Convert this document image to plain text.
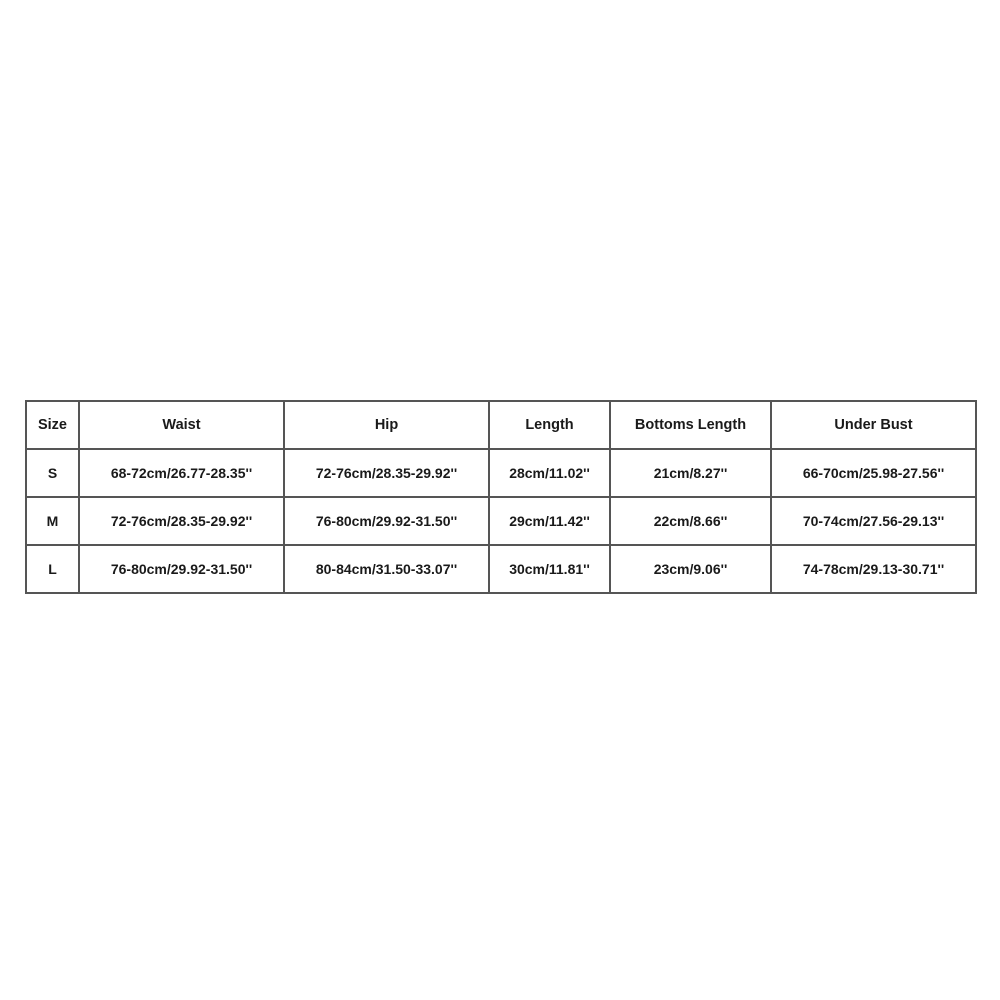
Size	Waist	Hip	Length	Bottoms Length	Under Bust
S	68-72cm/26.77-28.35''	72-76cm/28.35-29.92''	28cm/11.02''	21cm/8.27''	66-70cm/25.98-27.56''
M	72-76cm/28.35-29.92''	76-80cm/29.92-31.50''	29cm/11.42''	22cm/8.66''	70-74cm/27.56-29.13''
L	76-80cm/29.92-31.50''	80-84cm/31.50-33.07''	30cm/11.81''	23cm/9.06''	74-78cm/29.13-30.71''
